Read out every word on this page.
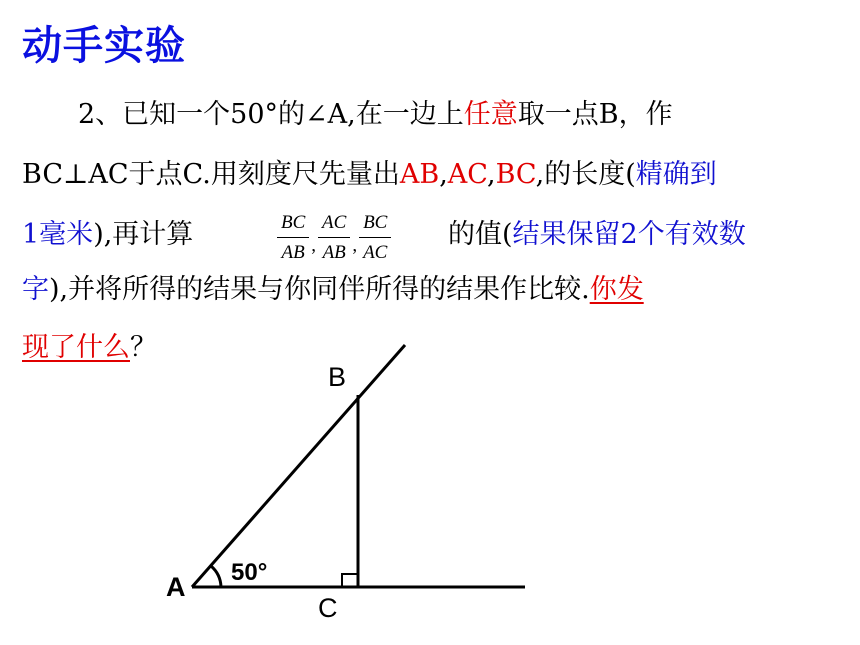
动手实验
2、已知一个50°的∠A,在一边上任意取一点B，作
BC⊥AC于点C.用刻度尺先量出AB,AC,BC,的长度(精确到
1毫米),再计算	$\frac{BC}{AB}$ , $\frac{AC}{AB}$ , $\frac{BC}{AC}$ 的值(结果保留2个有效数
字),并将所得的结果与你同伴所得的结果作比较.你发
现了什么？
A
B
C
50°
